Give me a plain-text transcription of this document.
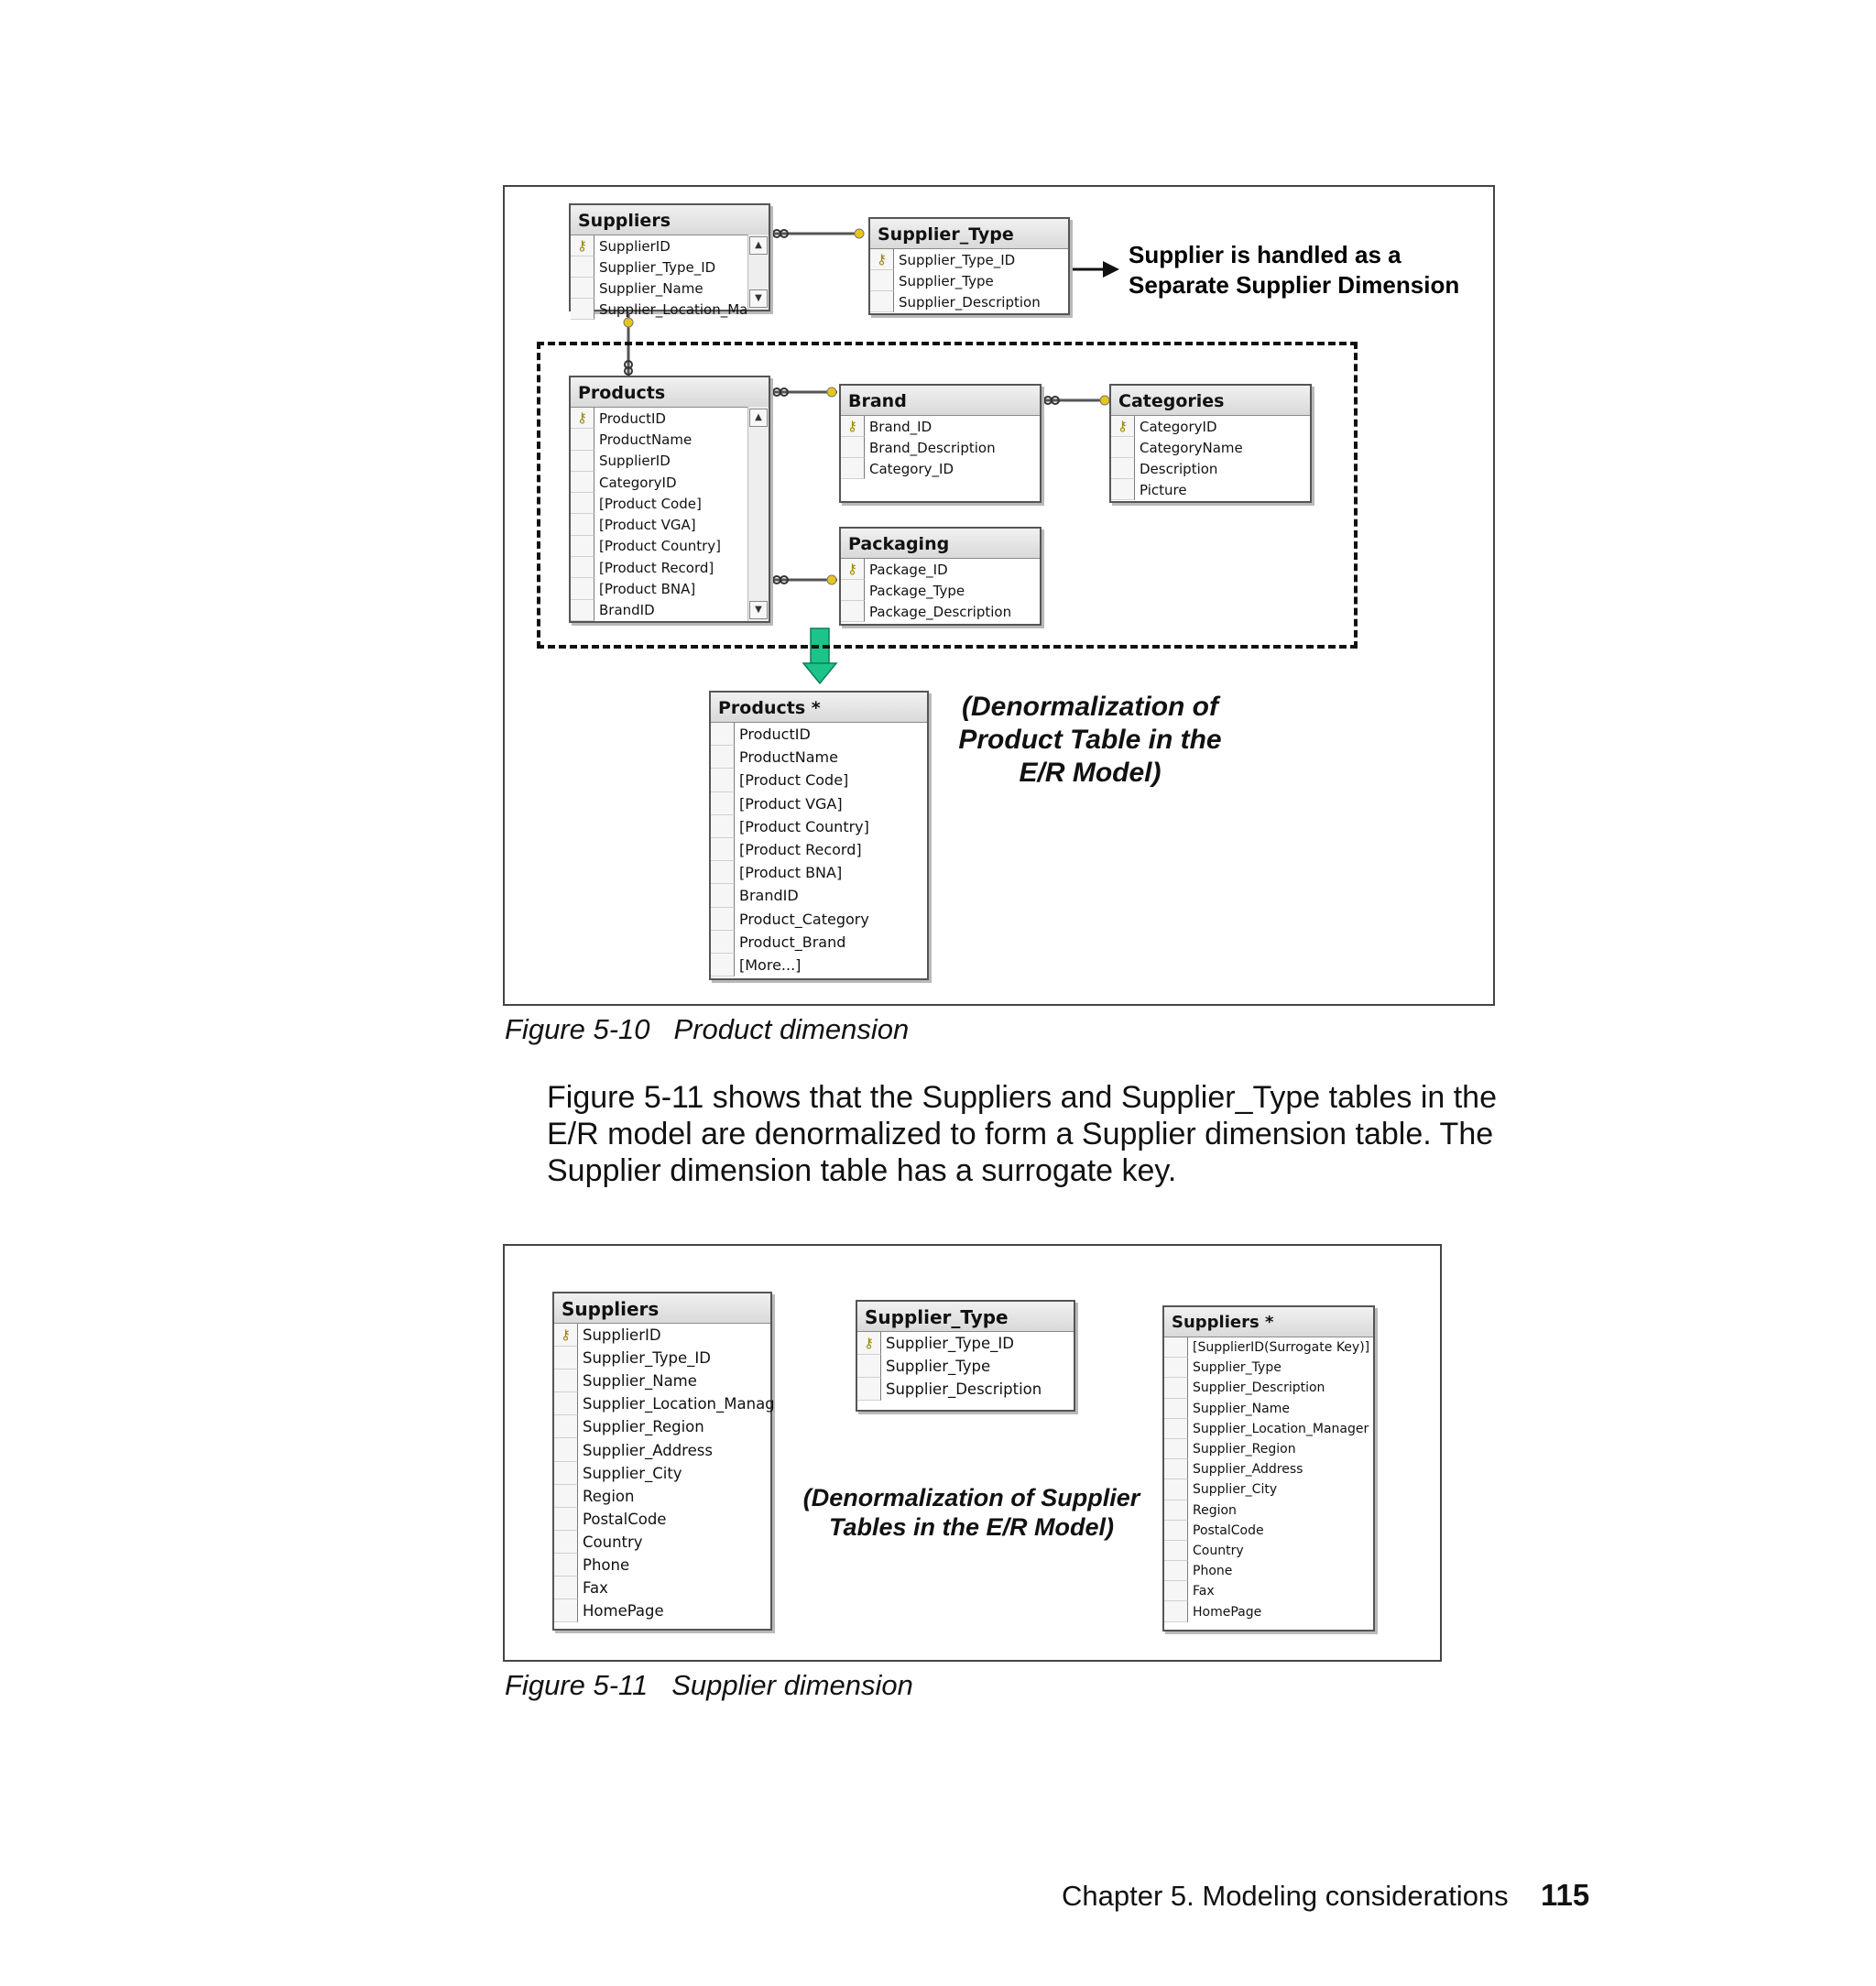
Suppliers
⚷ SupplierID
Supplier_Type_ID
Supplier_Name
Supplier_Location_Ma
▲
▼
Supplier_Type
⚷ Supplier_Type_ID
Supplier_Type
Supplier_Description
Supplier is handled as a
Separate Supplier Dimension
Products
⚷ ProductID
ProductName
SupplierID
CategoryID
[Product Code]
[Product VGA]
[Product Country]
[Product Record]
[Product BNA]
BrandID
▲
▼
Brand
⚷ Brand_ID
Brand_Description
Category_ID
Categories
⚷ CategoryID
CategoryName
Description
Picture
Packaging
⚷ Package_ID
Package_Type
Package_Description
Products *
ProductID
ProductName
[Product Code]
[Product VGA]
[Product Country]
[Product Record]
[Product BNA]
BrandID
Product_Category
Product_Brand
[More...]
(Denormalization of
Product Table in the
E/R Model)
Figure 5-10 Product dimension
Figure 5-11 shows that the Suppliers and Supplier_Type tables in the E/R model are denormalized to form a Supplier dimension table. The Supplier dimension table has a surrogate key.
Suppliers
⚷ SupplierID
Supplier_Type_ID
Supplier_Name
Supplier_Location_Manag
Supplier_Region
Supplier_Address
Supplier_City
Region
PostalCode
Country
Phone
Fax
HomePage
Supplier_Type
⚷ Supplier_Type_ID
Supplier_Type
Supplier_Description
(Denormalization of Supplier
Tables in the E/R Model)
Suppliers *
[SupplierID(Surrogate Key)]
Supplier_Type
Supplier_Description
Supplier_Name
Supplier_Location_Manager
Supplier_Region
Supplier_Address
Supplier_City
Region
PostalCode
Country
Phone
Fax
HomePage
Figure 5-11 Supplier dimension
Chapter 5. Modeling considerations 115
